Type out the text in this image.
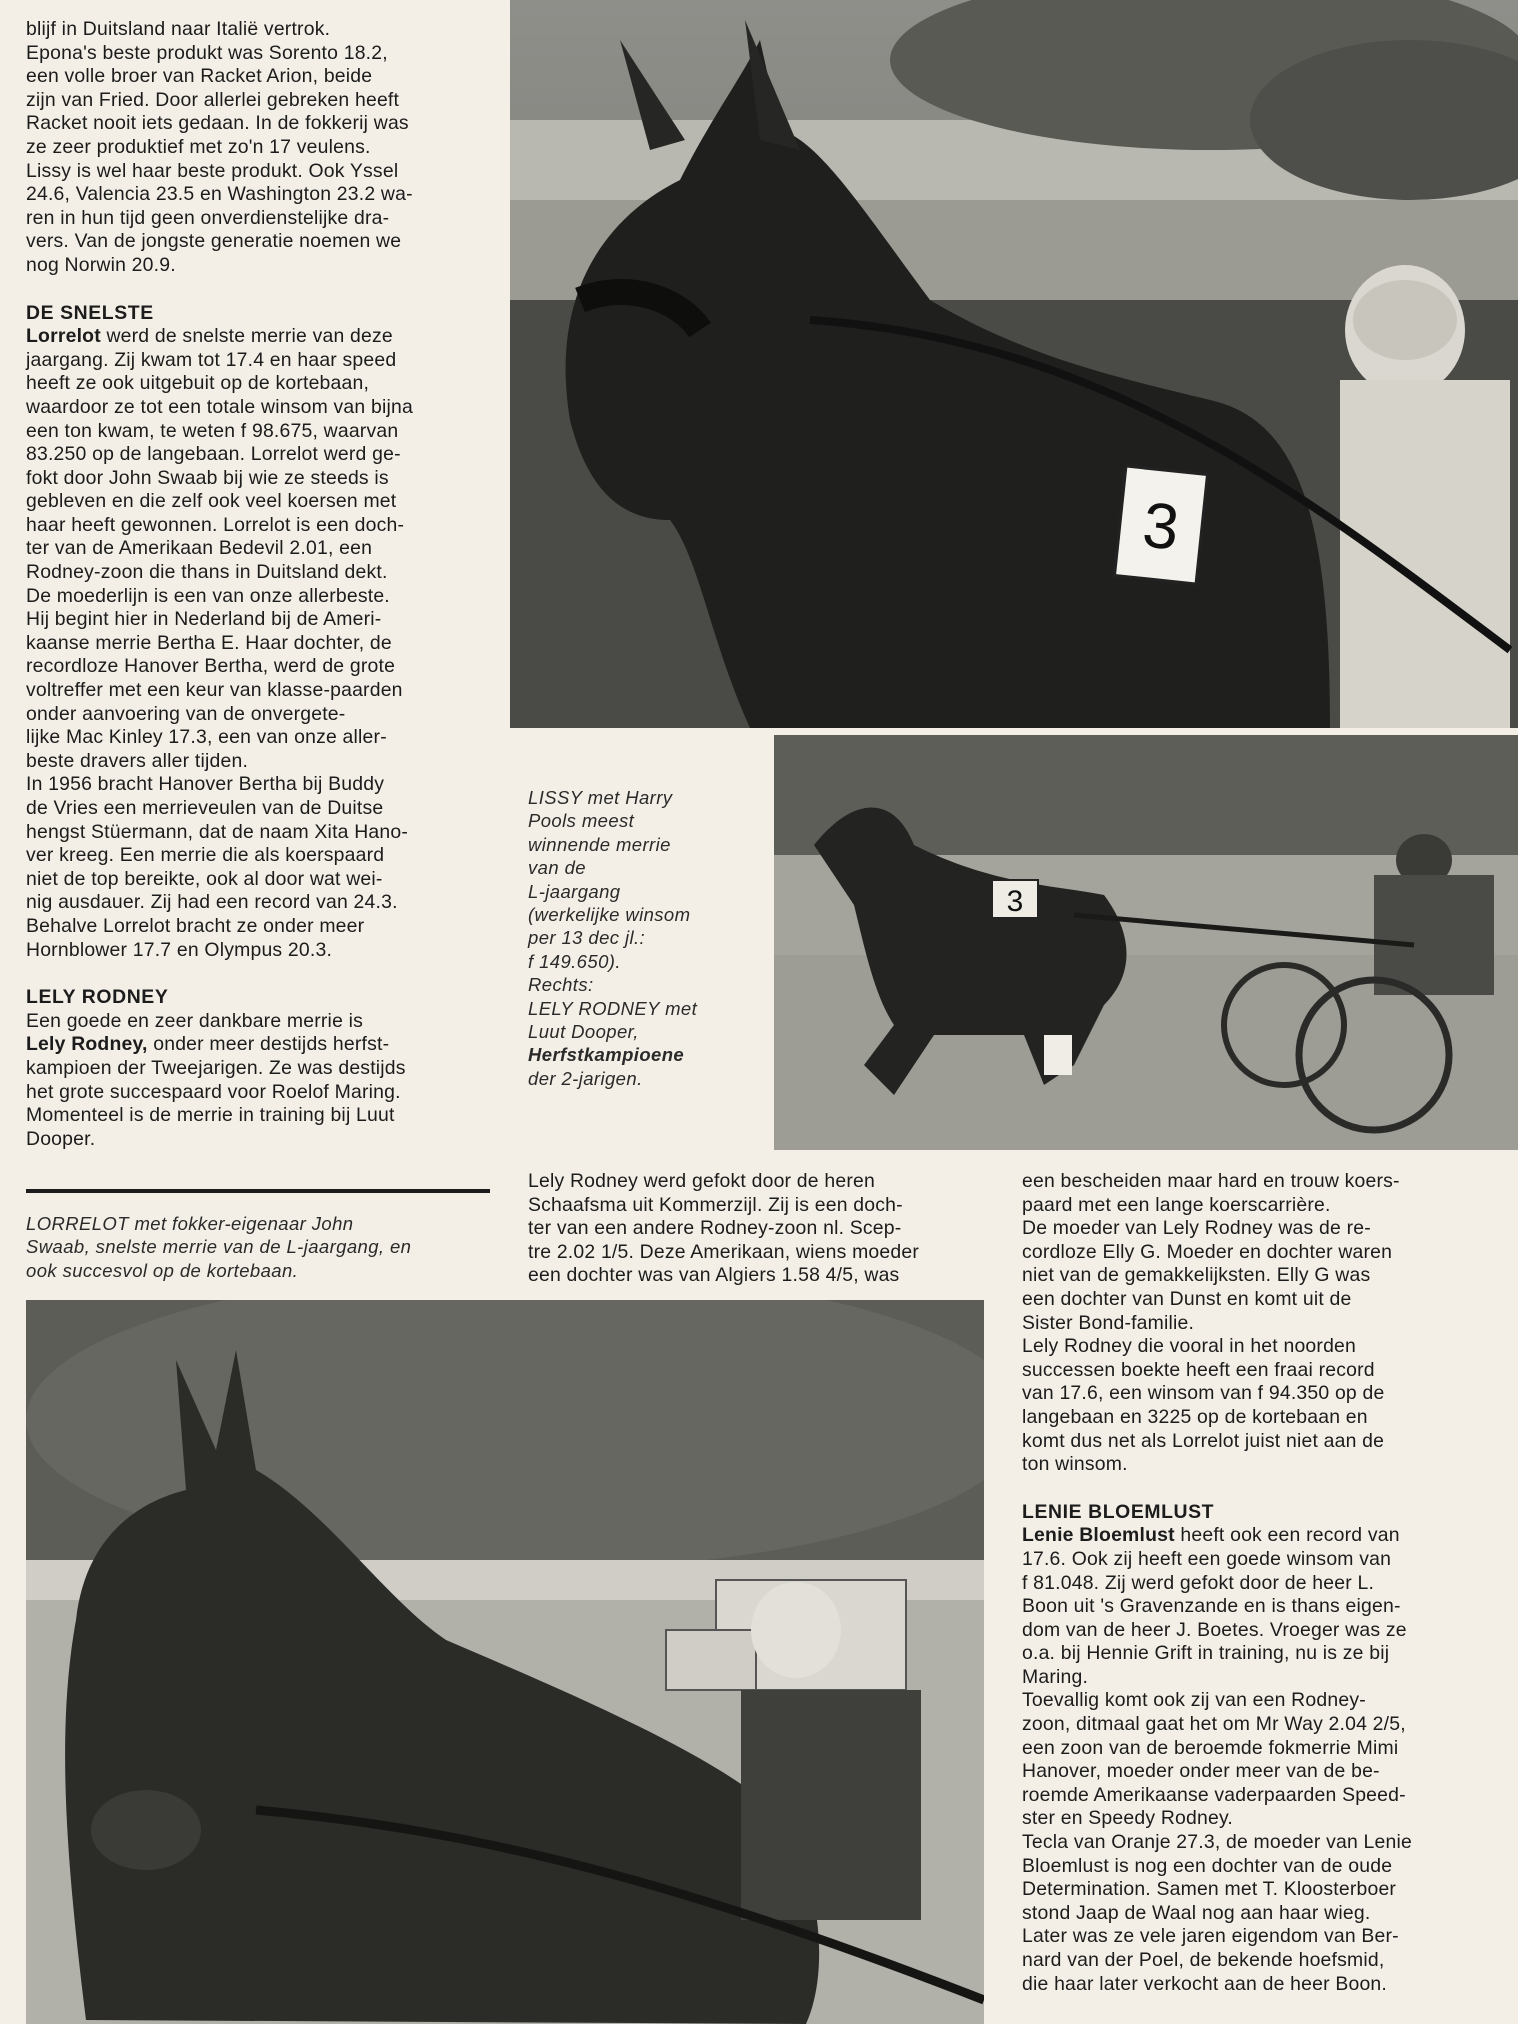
blijf in Duitsland naar Italië vertrok.

Epona's beste produkt was Sorento 18.2,

een volle broer van Racket Arion, beide

zijn van Fried. Door allerlei gebreken heeft

Racket nooit iets gedaan. In de fokkerij was

ze zeer produktief met zo'n 17 veulens.

Lissy is wel haar beste produkt. Ook Yssel

24.6, Valencia 23.5 en Washington 23.2 wa-

ren in hun tijd geen onverdienstelijke dra-

vers. Van de jongste generatie noemen we

nog Norwin 20.9.

DE SNELSTE

Lorrelot werd de snelste merrie van deze

jaargang. Zij kwam tot 17.4 en haar speed

heeft ze ook uitgebuit op de kortebaan,

waardoor ze tot een totale winsom van bijna

een ton kwam, te weten f 98.675, waarvan

83.250 op de langebaan. Lorrelot werd ge-

fokt door John Swaab bij wie ze steeds is

gebleven en die zelf ook veel koersen met

haar heeft gewonnen. Lorrelot is een doch-

ter van de Amerikaan Bedevil 2.01, een

Rodney-zoon die thans in Duitsland dekt.

De moederlijn is een van onze allerbeste.

Hij begint hier in Nederland bij de Ameri-

kaanse merrie Bertha E. Haar dochter, de

recordloze Hanover Bertha, werd de grote

voltreffer met een keur van klasse-paarden

onder aanvoering van de onvergete-

lijke Mac Kinley 17.3, een van onze aller-

beste dravers aller tijden.

In 1956 bracht Hanover Bertha bij Buddy

de Vries een merrieveulen van de Duitse

hengst Stüermann, dat de naam Xita Hano-

ver kreeg. Een merrie die als koerspaard

niet de top bereikte, ook al door wat wei-

nig ausdauer. Zij had een record van 24.3.

Behalve Lorrelot bracht ze onder meer

Hornblower 17.7 en Olympus 20.3.

LELY RODNEY

Een goede en zeer dankbare merrie is

Lely Rodney, onder meer destijds herfst-

kampioen der Tweejarigen. Ze was destijds

het grote succespaard voor Roelof Maring.

Momenteel is de merrie in training bij Luut

Dooper.

LORRELOT met fokker-eigenaar John

Swaab, snelste merrie van de L-jaargang, en

ook succesvol op de kortebaan.

3
3

LISSY met Harry

Pools meest

winnende merrie

van de

L-jaargang

(werkelijke winsom

per 13 dec jl.:

f 149.650).

Rechts:

LELY RODNEY met

Luut Dooper,

Herfstkampioene

der 2-jarigen.

Lely Rodney werd gefokt door de heren

Schaafsma uit Kommerzijl. Zij is een doch-

ter van een andere Rodney-zoon nl. Scep-

tre 2.02 1/5. Deze Amerikaan, wiens moeder

een dochter was van Algiers 1.58 4/5, was

een bescheiden maar hard en trouw koers-

paard met een lange koerscarrière.

De moeder van Lely Rodney was de re-

cordloze Elly G. Moeder en dochter waren

niet van de gemakkelijksten. Elly G was

een dochter van Dunst en komt uit de

Sister Bond-familie.

Lely Rodney die vooral in het noorden

successen boekte heeft een fraai record

van 17.6, een winsom van f 94.350 op de

langebaan en 3225 op de kortebaan en

komt dus net als Lorrelot juist niet aan de

ton winsom.

LENIE BLOEMLUST

Lenie Bloemlust heeft ook een record van

17.6. Ook zij heeft een goede winsom van

f 81.048. Zij werd gefokt door de heer L.

Boon uit 's Gravenzande en is thans eigen-

dom van de heer J. Boetes. Vroeger was ze

o.a. bij Hennie Grift in training, nu is ze bij

Maring.

Toevallig komt ook zij van een Rodney-

zoon, ditmaal gaat het om Mr Way 2.04 2/5,

een zoon van de beroemde fokmerrie Mimi

Hanover, moeder onder meer van de be-

roemde Amerikaanse vaderpaarden Speed-

ster en Speedy Rodney.

Tecla van Oranje 27.3, de moeder van Lenie

Bloemlust is nog een dochter van de oude

Determination. Samen met T. Kloosterboer

stond Jaap de Waal nog aan haar wieg.

Later was ze vele jaren eigendom van Ber-

nard van der Poel, de bekende hoefsmid,

die haar later verkocht aan de heer Boon.
